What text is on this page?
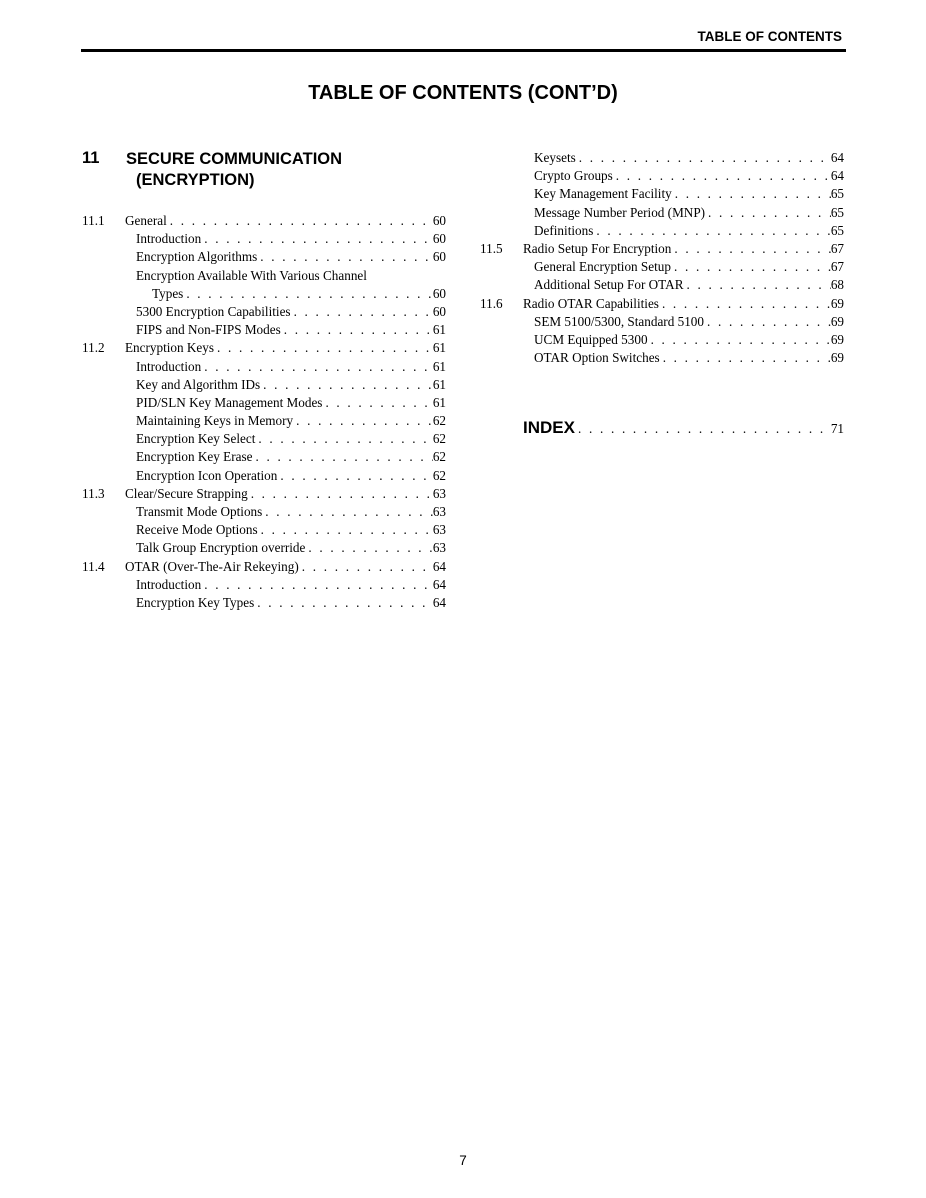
TABLE OF CONTENTS
TABLE OF CONTENTS (CONT’D)
11 SECURE COMMUNICATION
(ENCRYPTION)
11.1 General . . .	60
Introduction . . .	60
Encryption Algorithms . . .	60
Encryption Available With Various Channel
Types . . .	60
5300 Encryption Capabilities . . .	60
FIPS and Non-FIPS Modes . . .	61
11.2 Encryption Keys . . .	61
Introduction . . .	61
Key and Algorithm IDs . . .	61
PID/SLN Key Management Modes . . .	61
Maintaining Keys in Memory . . .	62
Encryption Key Select . . .	62
Encryption Key Erase . . .	62
Encryption Icon Operation . . .	62
11.3 Clear/Secure Strapping . . .	63
Transmit Mode Options . . .	63
Receive Mode Options . . .	63
Talk Group Encryption override . . .	63
11.4 OTAR (Over-The-Air Rekeying) . . .	64
Introduction . . .	64
Encryption Key Types . . .	64
Keysets . . .	64
Crypto Groups . . .	64
Key Management Facility . . .	65
Message Number Period (MNP) . . .	65
Definitions . . .	65
11.5 Radio Setup For Encryption . . .	67
General Encryption Setup . . .	67
Additional Setup For OTAR . . .	68
11.6 Radio OTAR Capabilities . . .	69
SEM 5100/5300, Standard 5100 . . .	69
UCM Equipped 5300 . . .	69
OTAR Option Switches . . .	69
INDEX . . .	71
7
